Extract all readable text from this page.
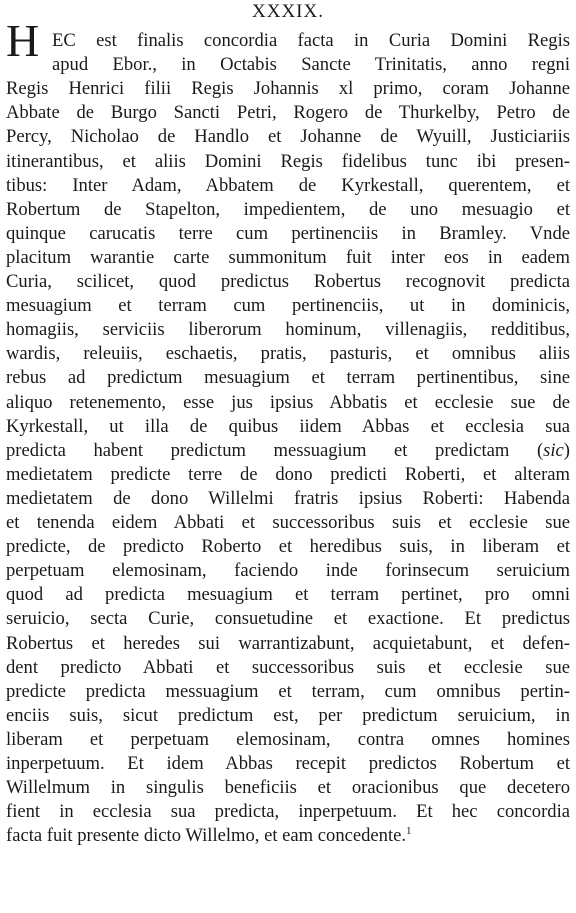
XXXIX.
H EC est finalis concordia facta in Curia Domini Regis
apud Ebor., in Octabis Sancte Trinitatis, anno regni
Regis Henrici filii Regis Johannis xl primo, coram Johanne
Abbate de Burgo Sancti Petri, Rogero de Thurkelby, Petro de
Percy, Nicholao de Handlo et Johanne de Wyuill, Justiciariis
itinerantibus, et aliis Domini Regis fidelibus tunc ibi presen-
tibus: Inter Adam, Abbatem de Kyrkestall, querentem, et
Robertum de Stapelton, impedientem, de uno mesuagio et
quinque carucatis terre cum pertinenciis in Bramley. Vnde
placitum warantie carte summonitum fuit inter eos in eadem
Curia, scilicet, quod predictus Robertus recognovit predicta
mesuagium et terram cum pertinenciis, ut in dominicis,
homagiis, serviciis liberorum hominum, villenagiis, redditibus,
wardis, releuiis, eschaetis, pratis, pasturis, et omnibus aliis
rebus ad predictum mesuagium et terram pertinentibus, sine
aliquo retenemento, esse jus ipsius Abbatis et ecclesie sue de
Kyrkestall, ut illa de quibus iidem Abbas et ecclesia sua
predicta habent predictum messuagium et predictam (sic)
medietatem predicte terre de dono predicti Roberti, et alteram
medietatem de dono Willelmi fratris ipsius Roberti: Habenda
et tenenda eidem Abbati et successoribus suis et ecclesie sue
predicte, de predicto Roberto et heredibus suis, in liberam et
perpetuam elemosinam, faciendo inde forinsecum seruicium
quod ad predicta mesuagium et terram pertinet, pro omni
seruicio, secta Curie, consuetudine et exactione. Et predictus
Robertus et heredes sui warrantizabunt, acquietabunt, et defen-
dent predicto Abbati et successoribus suis et ecclesie sue
predicte predicta messuagium et terram, cum omnibus pertin-
enciis suis, sicut predictum est, per predictum seruicium, in
liberam et perpetuam elemosinam, contra omnes homines
inperpetuum. Et idem Abbas recepit predictos Robertum et
Willelmum in singulis beneficiis et oracionibus que decetero
fient in ecclesia sua predicta, inperpetuum. Et hec concordia
facta fuit presente dicto Willelmo, et eam concedente.$^1$
